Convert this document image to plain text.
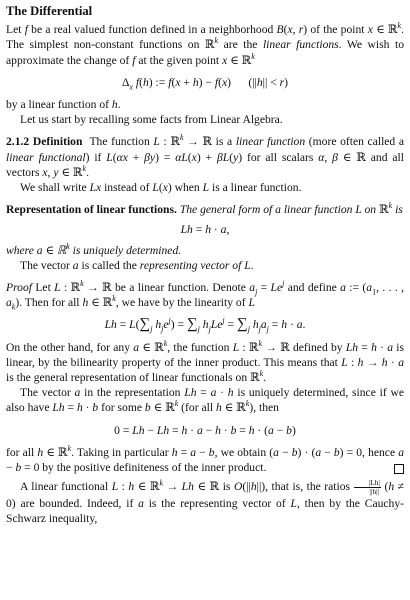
The Differential

Let f be a real valued function defined in a neighborhood B(x, r) of the point x ∈ ℝ$^k$. The simplest non-constant functions on ℝ$^k$ are the linear functions. We wish to approximate the change of f at the given point x ∈ ℝ$^k$

$\Delta_x$ f(h) := f(x + h) − f(x)      (||h|| < r)

by a linear function of h.

Let us start by recalling some facts from Linear Algebra.

2.1.2 Definition  The function L : ℝ$^k$ → ℝ is a linear function (more often called a linear functional) if L(αx + βy) = αL(x) + βL(y) for all scalars α, β ∈ ℝ and all vectors x, y ∈ ℝ$^k$.

We shall write Lx instead of L(x) when L is a linear function.

Representation of linear functions. The general form of a linear function L on ℝ$^k$ is

Lh = h · a,

where a ∈ ℝ$^k$ is uniquely determined.

The vector a is called the representing vector of L.

Proof Let L : ℝ$^k$ → ℝ be a linear function. Denote $a_j = Le^j$ and define a := ($a_1$, . . . , $a_k$). Then for all h ∈ ℝ$^k$, we have by the linearity of L

$Lh = L(\sum_j$ $h_je^j) = \sum_j$ $h_jLe^j = \sum_j$ $h_ja_j = h \cdot a$.

On the other hand, for any a ∈ ℝ$^k$, the function L : ℝ$^k$ → ℝ defined by Lh = h · a is linear, by the bilinearity property of the inner product. This means that L : h → h · a is the general representation of linear functionals on ℝ$^k$.

The vector a in the representation Lh = a · h is uniquely determined, since if we also have Lh = h · b for some b ∈ ℝ$^k$ (for all h ∈ ℝ$^k$), then

0 = Lh − Lh = h · a − h · b = h · (a − b)

for all h ∈ ℝ$^k$. Taking in particular h = a − b, we obtain (a − b) · (a − b) = 0, hence a − b = 0 by the positive definiteness of the inner product.

A linear functional L : h ∈ ℝ$^k$ → Lh ∈ ℝ is O(||h||), that is, the ratios $\frac{|Lh|}{||h||} (h \ne 0)$ are bounded. Indeed, if a is the representing vector of L, then by the Cauchy-Schwarz inequality,
